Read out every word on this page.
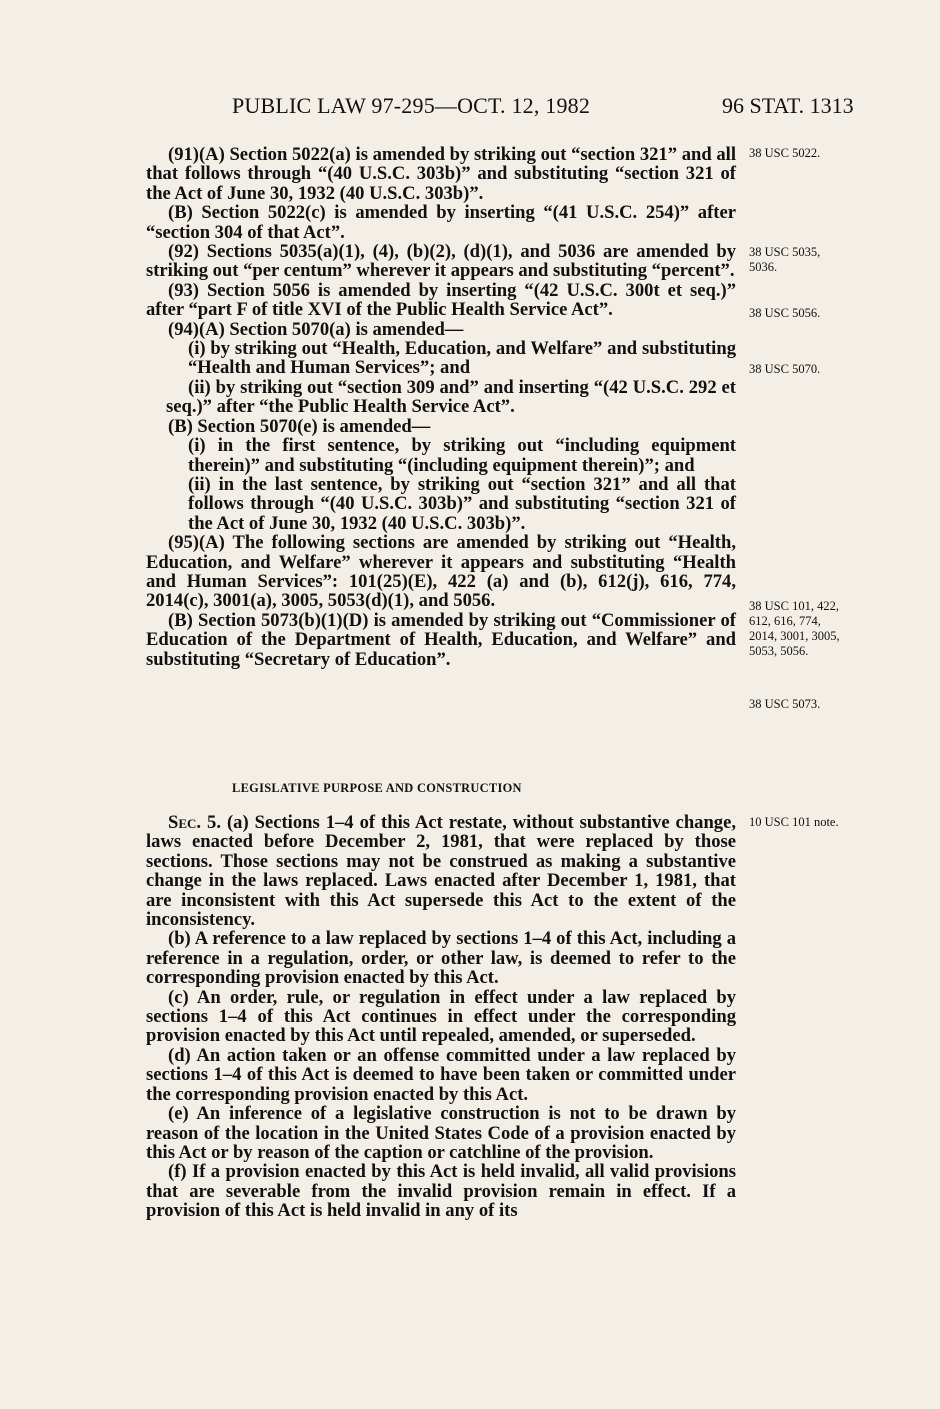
PUBLIC LAW 97-295—OCT. 12, 1982	96 STAT. 1313
38 USC 5022.
38 USC 5035,
5036.
38 USC 5056.
38 USC 5070.
38 USC 101, 422,
612, 616, 774,
2014, 3001, 3005,
5053, 5056.
38 USC 5073.
10 USC 101 note.

(91)(A) Section 5022(a) is amended by striking out “section 321” and all that follows through “(40 U.S.C. 303b)” and substituting “section 321 of the Act of June 30, 1932 (40 U.S.C. 303b)”.

(B) Section 5022(c) is amended by inserting “(41 U.S.C. 254)” after “section 304 of that Act”.

(92) Sections 5035(a)(1), (4), (b)(2), (d)(1), and 5036 are amended by striking out “per centum” wherever it appears and substituting “percent”.

(93) Section 5056 is amended by inserting “(42 U.S.C. 300t et seq.)” after “part F of title XVI of the Public Health Service Act”.

(94)(A) Section 5070(a) is amended—

(i) by striking out “Health, Education, and Welfare” and substituting “Health and Human Services”; and

(ii) by striking out “section 309 and” and inserting “(42 U.S.C. 292 et seq.)” after “the Public Health Service Act”.

(B) Section 5070(e) is amended—

(i) in the first sentence, by striking out “including equipment therein)” and substituting “(including equipment therein)”; and

(ii) in the last sentence, by striking out “section 321” and all that follows through “(40 U.S.C. 303b)” and substituting “section 321 of the Act of June 30, 1932 (40 U.S.C. 303b)”.

(95)(A) The following sections are amended by striking out “Health, Education, and Welfare” wherever it appears and substituting “Health and Human Services”: 101(25)(E), 422 (a) and (b), 612(j), 616, 774, 2014(c), 3001(a), 3005, 5053(d)(1), and 5056.

(B) Section 5073(b)(1)(D) is amended by striking out “Commissioner of Education of the Department of Health, Education, and Welfare” and substituting “Secretary of Education”.

LEGISLATIVE PURPOSE AND CONSTRUCTION

Sec. 5. (a) Sections 1–4 of this Act restate, without substantive change, laws enacted before December 2, 1981, that were replaced by those sections. Those sections may not be construed as making a substantive change in the laws replaced. Laws enacted after December 1, 1981, that are inconsistent with this Act supersede this Act to the extent of the inconsistency.

(b) A reference to a law replaced by sections 1–4 of this Act, including a reference in a regulation, order, or other law, is deemed to refer to the corresponding provision enacted by this Act.

(c) An order, rule, or regulation in effect under a law replaced by sections 1–4 of this Act continues in effect under the corresponding provision enacted by this Act until repealed, amended, or superseded.

(d) An action taken or an offense committed under a law replaced by sections 1–4 of this Act is deemed to have been taken or committed under the corresponding provision enacted by this Act.

(e) An inference of a legislative construction is not to be drawn by reason of the location in the United States Code of a provision enacted by this Act or by reason of the caption or catchline of the provision.

(f) If a provision enacted by this Act is held invalid, all valid provisions that are severable from the invalid provision remain in effect. If a provision of this Act is held invalid in any of its
